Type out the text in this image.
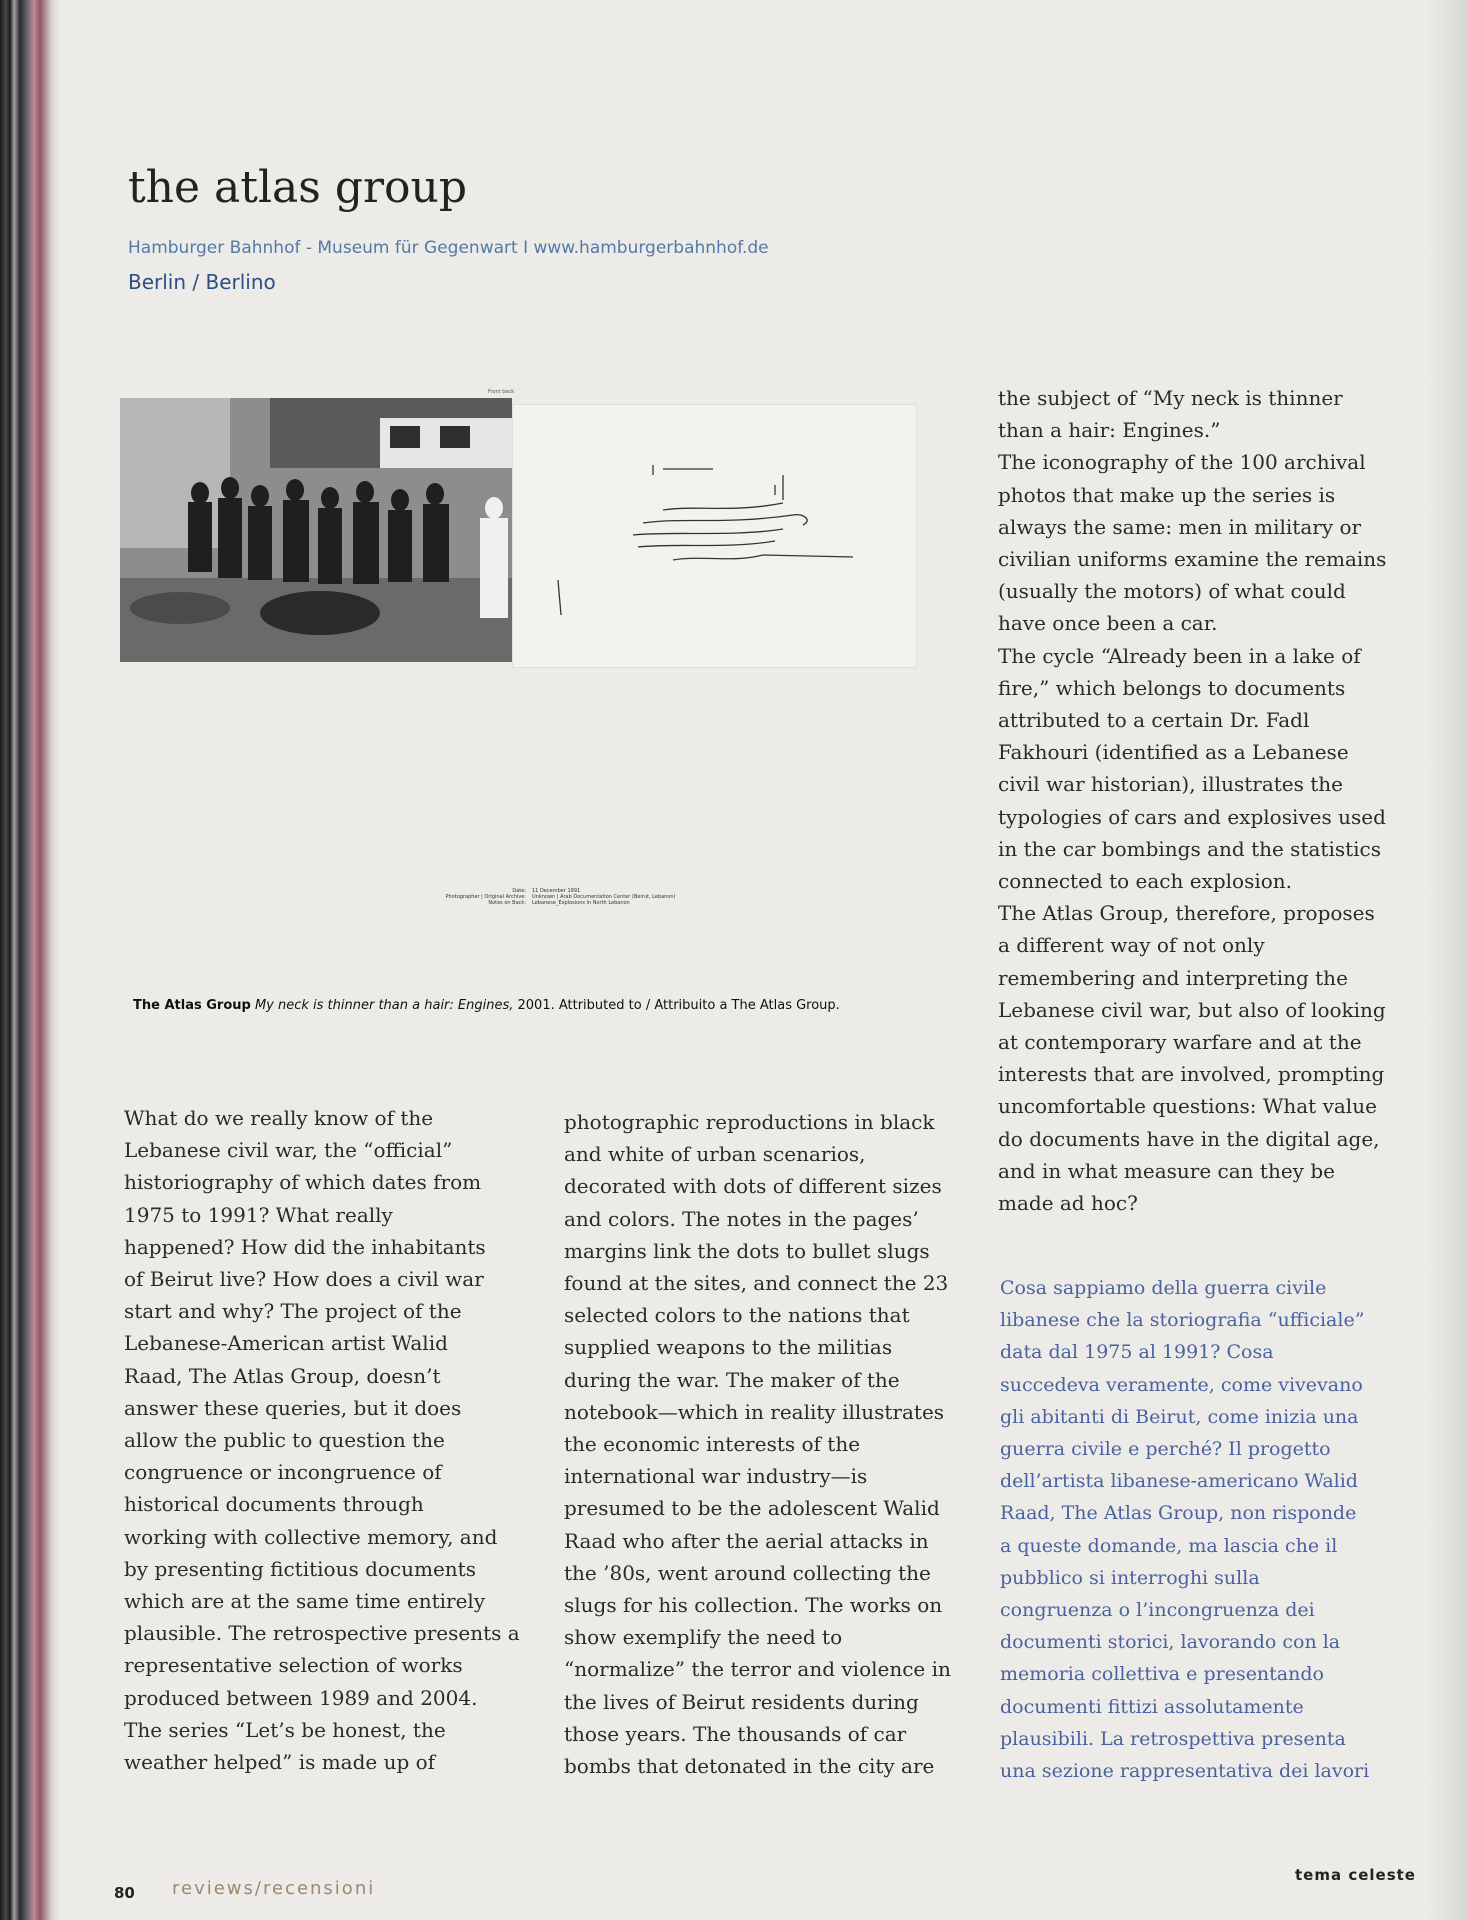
the atlas group
Hamburger Bahnhof - Museum für Gegenwart I www.hamburgerbahnhof.de
Berlin / Berlino
Front back
Date:	11 December 1991
Photographer | Original Archive:	Unknown | Arab Documentation Center (Beirut, Lebanon)
Notes on Back:	Lebanese_Explosions in North Lebanon
The Atlas Group My neck is thinner than a hair: Engines, 2001. Attributed to / Attribuito a The Atlas Group.

What do we really know of the

Lebanese civil war, the “official”

historiography of which dates from

1975 to 1991? What really

happened? How did the inhabitants

of Beirut live? How does a civil war

start and why? The project of the

Lebanese-American artist Walid

Raad, The Atlas Group, doesn’t

answer these queries, but it does

allow the public to question the

congruence or incongruence of

historical documents through

working with collective memory, and

by presenting fictitious documents

which are at the same time entirely

plausible. The retrospective presents a

representative selection of works

produced between 1989 and 2004.

The series “Let’s be honest, the

weather helped” is made up of

photographic reproductions in black

and white of urban scenarios,

decorated with dots of different sizes

and colors. The notes in the pages’

margins link the dots to bullet slugs

found at the sites, and connect the 23

selected colors to the nations that

supplied weapons to the militias

during the war. The maker of the

notebook—which in reality illustrates

the economic interests of the

international war industry—is

presumed to be the adolescent Walid

Raad who after the aerial attacks in

the ’80s, went around collecting the

slugs for his collection. The works on

show exemplify the need to

“normalize” the terror and violence in

the lives of Beirut residents during

those years. The thousands of car

bombs that detonated in the city are

the subject of “My neck is thinner

than a hair: Engines.”

The iconography of the 100 archival

photos that make up the series is

always the same: men in military or

civilian uniforms examine the remains

(usually the motors) of what could

have once been a car.

The cycle “Already been in a lake of

fire,” which belongs to documents

attributed to a certain Dr. Fadl

Fakhouri (identified as a Lebanese

civil war historian), illustrates the

typologies of cars and explosives used

in the car bombings and the statistics

connected to each explosion.

The Atlas Group, therefore, proposes

a different way of not only

remembering and interpreting the

Lebanese civil war, but also of looking

at contemporary warfare and at the

interests that are involved, prompting

uncomfortable questions: What value

do documents have in the digital age,

and in what measure can they be

made ad hoc?

Cosa sappiamo della guerra civile

libanese che la storiografia “ufficiale”

data dal 1975 al 1991? Cosa

succedeva veramente, come vivevano

gli abitanti di Beirut, come inizia una

guerra civile e perché? Il progetto

dell’artista libanese-americano Walid

Raad, The Atlas Group, non risponde

a queste domande, ma lascia che il

pubblico si interroghi sulla

congruenza o l’incongruenza dei

documenti storici, lavorando con la

memoria collettiva e presentando

documenti fittizi assolutamente

plausibili. La retrospettiva presenta

una sezione rappresentativa dei lavori

80 reviews/recensioni
tema celeste
